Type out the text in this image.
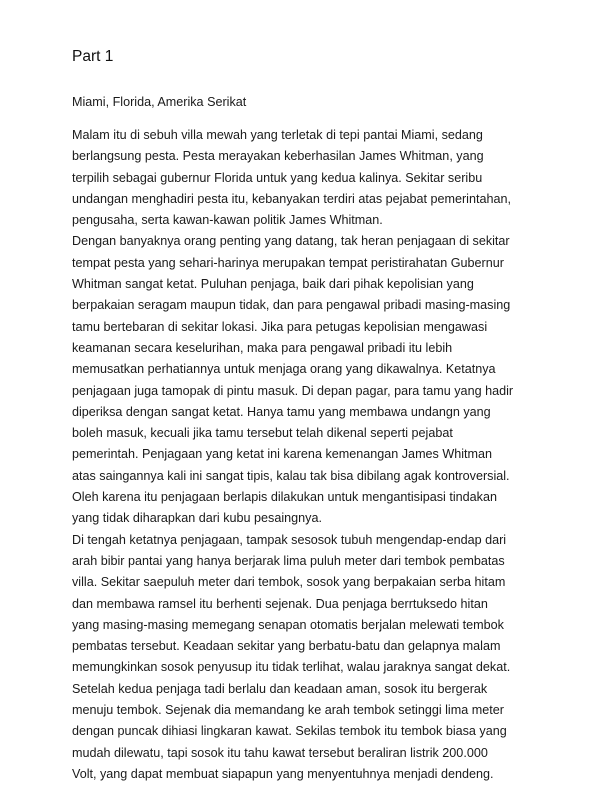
Part 1

Miami, Florida, Amerika Serikat

Malam itu di sebuh villa mewah yang terletak di tepi pantai Miami, sedang
berlangsung pesta. Pesta merayakan keberhasilan James Whitman, yang
terpilih sebagai gubernur Florida untuk yang kedua kalinya. Sekitar seribu
undangan menghadiri pesta itu, kebanyakan terdiri atas pejabat pemerintahan,
pengusaha, serta kawan-kawan politik James Whitman.
Dengan banyaknya orang penting yang datang, tak heran penjagaan di sekitar
tempat pesta yang sehari-harinya merupakan tempat peristirahatan Gubernur
Whitman sangat ketat. Puluhan penjaga, baik dari pihak kepolisian yang
berpakaian seragam maupun tidak, dan para pengawal pribadi masing-masing
tamu bertebaran di sekitar lokasi. Jika para petugas kepolisian mengawasi
keamanan secara keselurihan, maka para pengawal pribadi itu lebih
memusatkan perhatiannya untuk menjaga orang yang dikawalnya. Ketatnya
penjagaan juga tamopak di pintu masuk. Di depan pagar, para tamu yang hadir
diperiksa dengan sangat ketat. Hanya tamu yang membawa undangn yang
boleh masuk, kecuali jika tamu tersebut telah dikenal seperti pejabat
pemerintah. Penjagaan yang ketat ini karena kemenangan James Whitman
atas saingannya kali ini sangat tipis, kalau tak bisa dibilang agak kontroversial.
Oleh karena itu penjagaan berlapis dilakukan untuk mengantisipasi tindakan
yang tidak diharapkan dari kubu pesaingnya.
Di tengah ketatnya penjagaan, tampak sesosok tubuh mengendap-endap dari
arah bibir pantai yang hanya berjarak lima puluh meter dari tembok pembatas
villa. Sekitar saepuluh meter dari tembok, sosok yang berpakaian serba hitam
dan membawa ramsel itu berhenti sejenak. Dua penjaga berrtuksedo hitan
yang masing-masing memegang senapan otomatis berjalan melewati tembok
pembatas tersebut. Keadaan sekitar yang berbatu-batu dan gelapnya malam
memungkinkan sosok penyusup itu tidak terlihat, walau jaraknya sangat dekat.
Setelah kedua penjaga tadi berlalu dan keadaan aman, sosok itu bergerak
menuju tembok. Sejenak dia memandang ke arah tembok setinggi lima meter
dengan puncak dihiasi lingkaran kawat. Sekilas tembok itu tembok biasa yang
mudah dilewatu, tapi sosok itu tahu kawat tersebut beraliran listrik 200.000
Volt, yang dapat membuat siapapun yang menyentuhnya menjadi dendeng.
